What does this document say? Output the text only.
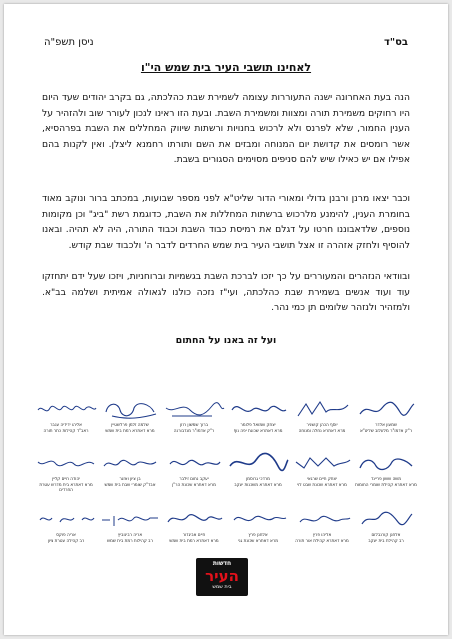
ניסן תשפ"ה	בס"ד
לאחינו תושבי העיר בית שמש הי"ו
הנה בעת האחרונה ישנה התעוררות עצומה לשמירת שבת כהלכתה, גם בקרב יהודים שעד היום היו רחוקים משמירת תורה ומצוות ומשמירת השבת. ובעת הזו ראינו לנכון לעורר שוב ולהזהיר על הענין החמור, שלא לפרנס ולא לרכוש בחנויות ורשתות שיווק המחללים את השבת בפרהסיא, אשר רומסים את קדושת יום המנוחה ומבזים את השם ותורתו רחמנא ליצלן. ואין לקנות בהם אפילו אם יש כאילו שיש להם סניפים מסוימים הסגורים בשבת.
וכבר יצאו מרנן ורבנן גדולי ומאורי הדור שליט"א לפני מספר שבועות, במכתב ברור ונוקב מאוד בחומרת הענין, להימנע מלרכוש ברשתות המחללות את השבת, כדוגמת רשת "ביג" וכן מקומות נוספים, שלדאבוננו חרטו על דגלם את רמיסת כבוד השבת וכבוד התורה, היה לא תהיה. ובאנו להוסיף ולחזק אזהרה זו אצל תושבי העיר בית שמש החרדים לדבר ה' ולכבוד שבת קודש.
ובוודאי הנזהרים והמעוררים על כך יזכו לברכת השבת בגשמיות וברוחניות, ויזכו שעל ידם יתחזקו עוד ועוד אנשים בשמירת שבת כהלכתה, ועי"ז נזכה כולנו לגאולה אמיתית ושלמה בב"א. ולמזהיר ולנזהר שלומים תן כמי נהר.
ועל זה באנו על החתום
שמעון אלדר
ר"ק אדמו"ר מלעלוב שליט"א
יוסף הכהן קושניר
מרא דאתרא נחלה ומנוחה
יצחק שמואל פלומר
מרא דאתרא שכונת יפה נוף
ברוך שמשון רוזן
ר"ק אדמו"ר מנדבורנה
שלמה זלמן פרלשטיין
מרא דאתרא רמת בית שמש
אליהו ידידיה ענבר
ראב"ד קהילות כתר תורה
משה ששון פריינד
מרא דאתרא קהילת שומרי החומות
יצחק חיים שרגאי
מרא דאתרא שכונת שבט לוי
מרדכי גרוסמן
מרא דאתרא משכנות יעקב
יעקב נחום זילבר
מרא דאתרא שכונת הר"ן
בן ציון ואזנר
אבד"ק שומרי שבת בית שמש
יהודה חיים קליין
מרא דאתרא בית מדרש עטרת החרדים
אלחנן קורנבלום
רב קהילת בית יעקב
אליהו פרץ
מרא דאתרא קהילת אור תורה
אלחנן פרץ
מרא דאתרא שכונת גני
חיים אביגדור
מרא דאתרא רמת בית שמש
אריה רבינוביץ
רב קהילות רמת בית שמש
אריה פוקס
רב קהילה עטרת ציון
חדשות
העיר
בית שמש
